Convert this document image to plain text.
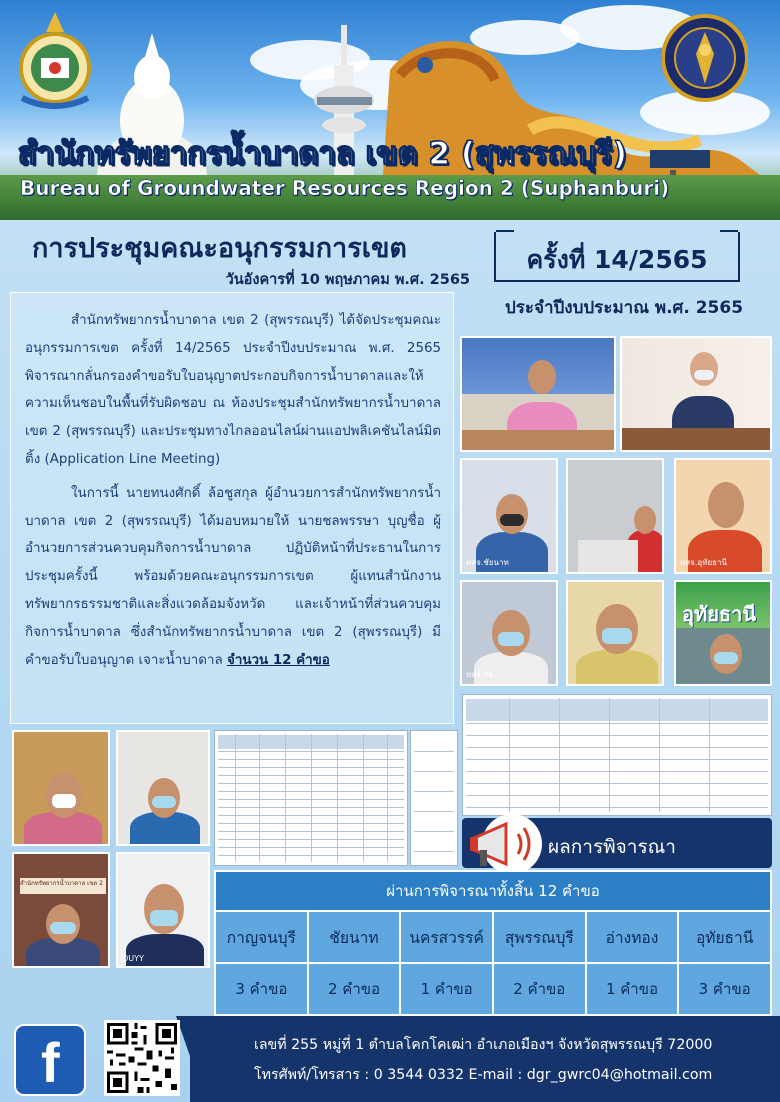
สำนักทรัพยากรน้ำบาดาล เขต 2 (สุพรรณบุรี)
Bureau of Groundwater Resources Region 2 (Suphanburi)
การประชุมคณะอนุกรรมการเขต
วันอังคารที่ 10 พฤษภาคม พ.ศ. 2565
ครั้งที่ 14/2565
ประจำปีงบประมาณ พ.ศ. 2565

สำนักทรัพยากรน้ำบาดาล เขต 2 (สุพรรณบุรี) ได้จัดประชุมคณะอนุกรรมการเขต ครั้งที่ 14/2565 ประจำปีงบประมาณ พ.ศ. 2565 พิจารณากลั่นกรองคำขอรับใบอนุญาตประกอบกิจการน้ำบาดาลและให้ความเห็นชอบในพื้นที่รับผิดชอบ ณ ห้องประชุมสำนักทรัพยากรน้ำบาดาล เขต 2 (สุพรรณบุรี) และประชุมทางไกลออนไลน์ผ่านแอปพลิเคชันไลน์มิตติ้ง (Application Line Meeting)

ในการนี้ นายทนงศักดิ์ ล้อชูสกุล ผู้อำนวยการสำนักทรัพยากรน้ำบาดาล เขต 2 (สุพรรณบุรี) ได้มอบหมายให้ นายชลพรรษา บุญชื่อ ผู้อำนวยการส่วนควบคุมกิจการน้ำบาดาล ปฏิบัติหน้าที่ประธานในการประชุมครั้งนี้ พร้อมด้วยคณะอนุกรรมการเขต ผู้แทนสำนักงานทรัพยากรธรรมชาติและสิ่งแวดล้อมจังหวัด และเจ้าหน้าที่ส่วนควบคุมกิจการน้ำบาดาล ซึ่งสำนักทรัพยากรน้ำบาดาล เขต 2 (สุพรรณบุรี) มีคำขอรับใบอนุญาต เจาะน้ำบาดาล จำนวน 12 คำขอ

ทสจ.ชัยนาท	ทสจ.อุทัยธานี
ทสจ.กจ.
อุทัยธานี
สำนักทรัพยากรน้ำบาดาล เขต 2
OUYY
ผลการพิจารณา
ผ่านการพิจารณาทั้งสิ้น 12 คำขอ					
กาญจนบุรี	ชัยนาท	นครสวรรค์	สุพรรณบุรี	อ่างทอง	อุทัยธานี
3 คำขอ	2 คำขอ	1 คำขอ	2 คำขอ	1 คำขอ	3 คำขอ
f	เลขที่ 255 หมู่ที่ 1 ตำบลโคกโคเฒ่า อำเภอเมืองฯ จังหวัดสุพรรณบุรี 72000
โทรศัพท์/โทรสาร : 0 3544 0332 E-mail : dgr_gwrc04@hotmail.com
